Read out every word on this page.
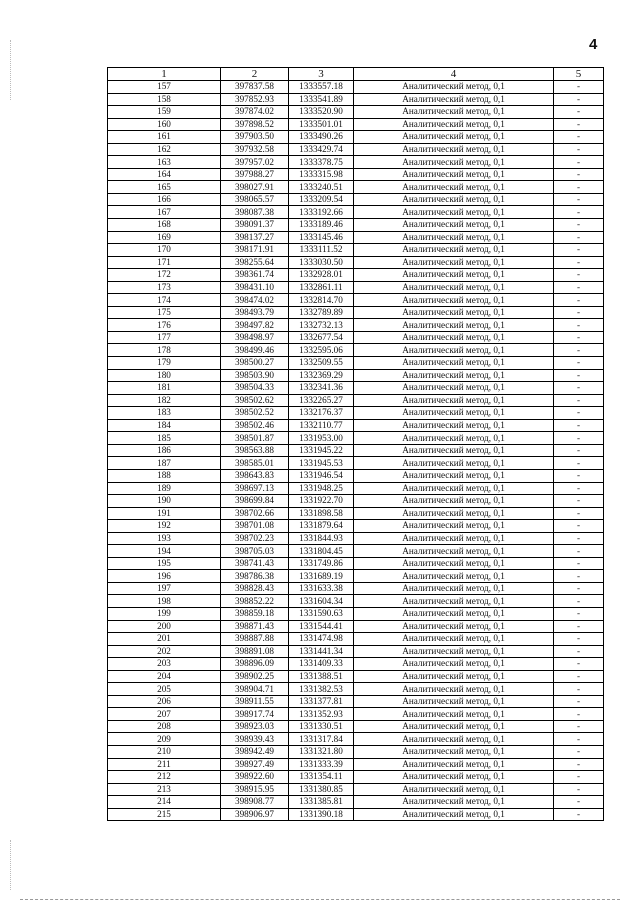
4
1	2	3	4	5
157	397837.58	1333557.18	Аналитический метод, 0,1	-
158	397852.93	1333541.89	Аналитический метод, 0,1	-
159	397874.02	1333520.90	Аналитический метод, 0,1	-
160	397898.52	1333501.01	Аналитический метод, 0,1	-
161	397903.50	1333490.26	Аналитический метод, 0,1	-
162	397932.58	1333429.74	Аналитический метод, 0,1	-
163	397957.02	1333378.75	Аналитический метод, 0,1	-
164	397988.27	1333315.98	Аналитический метод, 0,1	-
165	398027.91	1333240.51	Аналитический метод, 0,1	-
166	398065.57	1333209.54	Аналитический метод, 0,1	-
167	398087.38	1333192.66	Аналитический метод, 0,1	-
168	398091.37	1333189.46	Аналитический метод, 0,1	-
169	398137.27	1333145.46	Аналитический метод, 0,1	-
170	398171.91	1333111.52	Аналитический метод, 0,1	-
171	398255.64	1333030.50	Аналитический метод, 0,1	-
172	398361.74	1332928.01	Аналитический метод, 0,1	-
173	398431.10	1332861.11	Аналитический метод, 0,1	-
174	398474.02	1332814.70	Аналитический метод, 0,1	-
175	398493.79	1332789.89	Аналитический метод, 0,1	-
176	398497.82	1332732.13	Аналитический метод, 0,1	-
177	398498.97	1332677.54	Аналитический метод, 0,1	-
178	398499.46	1332595.06	Аналитический метод, 0,1	-
179	398500.27	1332509.55	Аналитический метод, 0,1	-
180	398503.90	1332369.29	Аналитический метод, 0,1	-
181	398504.33	1332341.36	Аналитический метод, 0,1	-
182	398502.62	1332265.27	Аналитический метод, 0,1	-
183	398502.52	1332176.37	Аналитический метод, 0,1	-
184	398502.46	1332110.77	Аналитический метод, 0,1	-
185	398501.87	1331953.00	Аналитический метод, 0,1	-
186	398563.88	1331945.22	Аналитический метод, 0,1	-
187	398585.01	1331945.53	Аналитический метод, 0,1	-
188	398643.83	1331946.54	Аналитический метод, 0,1	-
189	398697.13	1331948.25	Аналитический метод, 0,1	-
190	398699.84	1331922.70	Аналитический метод, 0,1	-
191	398702.66	1331898.58	Аналитический метод, 0,1	-
192	398701.08	1331879.64	Аналитический метод, 0,1	-
193	398702.23	1331844.93	Аналитический метод, 0,1	-
194	398705.03	1331804.45	Аналитический метод, 0,1	-
195	398741.43	1331749.86	Аналитический метод, 0,1	-
196	398786.38	1331689.19	Аналитический метод, 0,1	-
197	398828.43	1331633.38	Аналитический метод, 0,1	-
198	398852.22	1331604.34	Аналитический метод, 0,1	-
199	398859.18	1331590.63	Аналитический метод, 0,1	-
200	398871.43	1331544.41	Аналитический метод, 0,1	-
201	398887.88	1331474.98	Аналитический метод, 0,1	-
202	398891.08	1331441.34	Аналитический метод, 0,1	-
203	398896.09	1331409.33	Аналитический метод, 0,1	-
204	398902.25	1331388.51	Аналитический метод, 0,1	-
205	398904.71	1331382.53	Аналитический метод, 0,1	-
206	398911.55	1331377.81	Аналитический метод, 0,1	-
207	398917.74	1331352.93	Аналитический метод, 0,1	-
208	398923.03	1331330.51	Аналитический метод, 0,1	-
209	398939.43	1331317.84	Аналитический метод, 0,1	-
210	398942.49	1331321.80	Аналитический метод, 0,1	-
211	398927.49	1331333.39	Аналитический метод, 0,1	-
212	398922.60	1331354.11	Аналитический метод, 0,1	-
213	398915.95	1331380.85	Аналитический метод, 0,1	-
214	398908.77	1331385.81	Аналитический метод, 0,1	-
215	398906.97	1331390.18	Аналитический метод, 0,1	-
